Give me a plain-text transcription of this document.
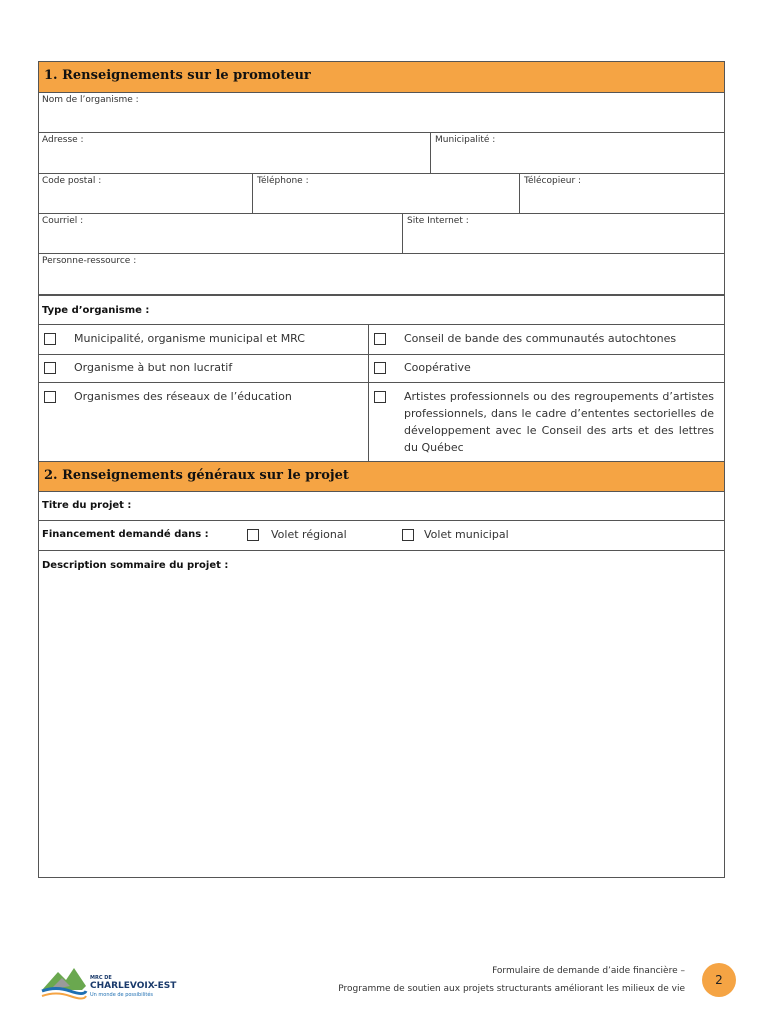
1. Renseignements sur le promoteur
Nom de l’organisme :
Adresse :	Municipalité :
Code postal :	Téléphone :	Télécopieur :
Courriel :	Site Internet :
Personne-ressource :
Type d’organisme :
Municipalité, organisme municipal et MRC	Conseil de bande des communautés autochtones
Organisme à but non lucratif	Coopérative
Organismes des réseaux de l’éducation	Artistes professionnels ou des regroupements d’artistes professionnels, dans le cadre d’ententes sectorielles de développement avec le Conseil des arts et des lettres du Québec
2. Renseignements généraux sur le projet
Titre du projet :
Financement demandé dans :	Volet régional	Volet municipal
Description sommaire du projet :
MRC DE
CHARLEVOIX-EST
Un monde de possibilités
Formulaire de demande d’aide financière –
Programme de soutien aux projets structurants améliorant les milieux de vie
2
